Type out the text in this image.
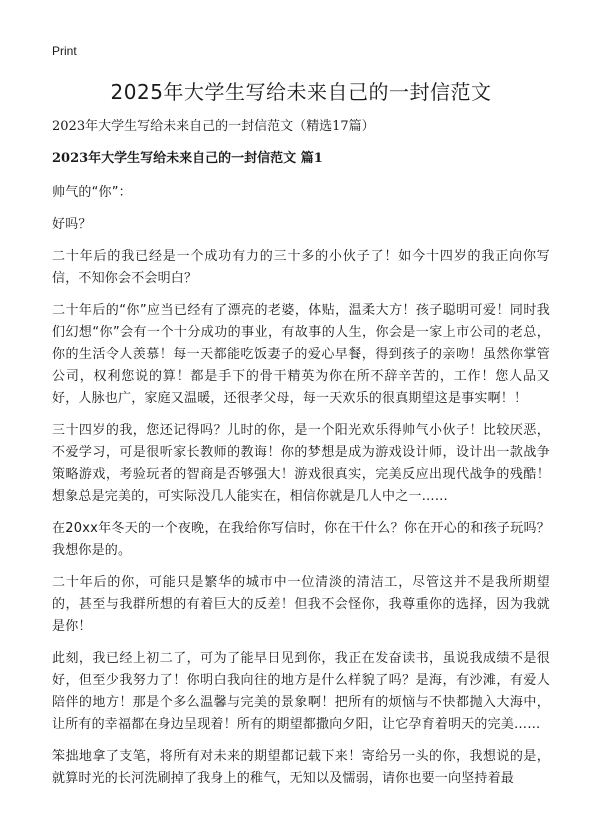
Print
2025年大学生写给未来自己的一封信范文
2023年大学生写给未来自己的一封信范文（精选17篇）
2023年大学生写给未来自己的一封信范文 篇1

帅气的“你”：

好吗？

二十年后的我已经是一个成功有力的三十多的小伙子了！如今十四岁的我正向你写信，不知你会不会明白？

二十年后的“你”应当已经有了漂亮的老婆，体贴，温柔大方！孩子聪明可爱！同时我们幻想“你”会有一个十分成功的事业，有故事的人生，你会是一家上市公司的老总，你的生活令人羡慕！每一天都能吃饭妻子的爱心早餐，得到孩子的亲吻！虽然你掌管公司，权利您说的算！都是手下的骨干精英为你在所不辞辛苦的，工作！您人品又好，人脉也广，家庭又温暖，还很孝父母，每一天欢乐的很真期望这是事实啊！！

三十四岁的我，您还记得吗？儿时的你，是一个阳光欢乐得帅气小伙子！比较厌恶，不爱学习，可是很听家长教师的教诲！你的梦想是成为游戏设计师，设计出一款战争策略游戏，考验玩者的智商是否够强大！游戏很真实，完美反应出现代战争的残酷！想象总是完美的，可实际没几人能实在，相信你就是几人中之一……

在20xx年冬天的一个夜晚，在我给你写信时，你在干什么？你在开心的和孩子玩吗？我想你是的。

二十年后的你，可能只是繁华的城市中一位清淡的清洁工，尽管这并不是我所期望的，甚至与我群所想的有着巨大的反差！但我不会怪你，我尊重你的选择，因为我就是你！

此刻，我已经上初二了，可为了能早日见到你，我正在发奋读书，虽说我成绩不是很好，但至少我努力了！你明白我向往的地方是什么样貌了吗？是海，有沙滩，有爱人陪伴的地方！那是个多么温馨与完美的景象啊！把所有的烦恼与不快都抛入大海中，让所有的幸福都在身边呈现着！所有的期望都撒向夕阳，让它孕育着明天的完美……

笨拙地拿了支笔，将所有对未来的期望都记载下来！寄给另一头的你，我想说的是，就算时光的长河洗刷掉了我身上的稚气，无知以及懦弱，请你也要一向坚持着最
